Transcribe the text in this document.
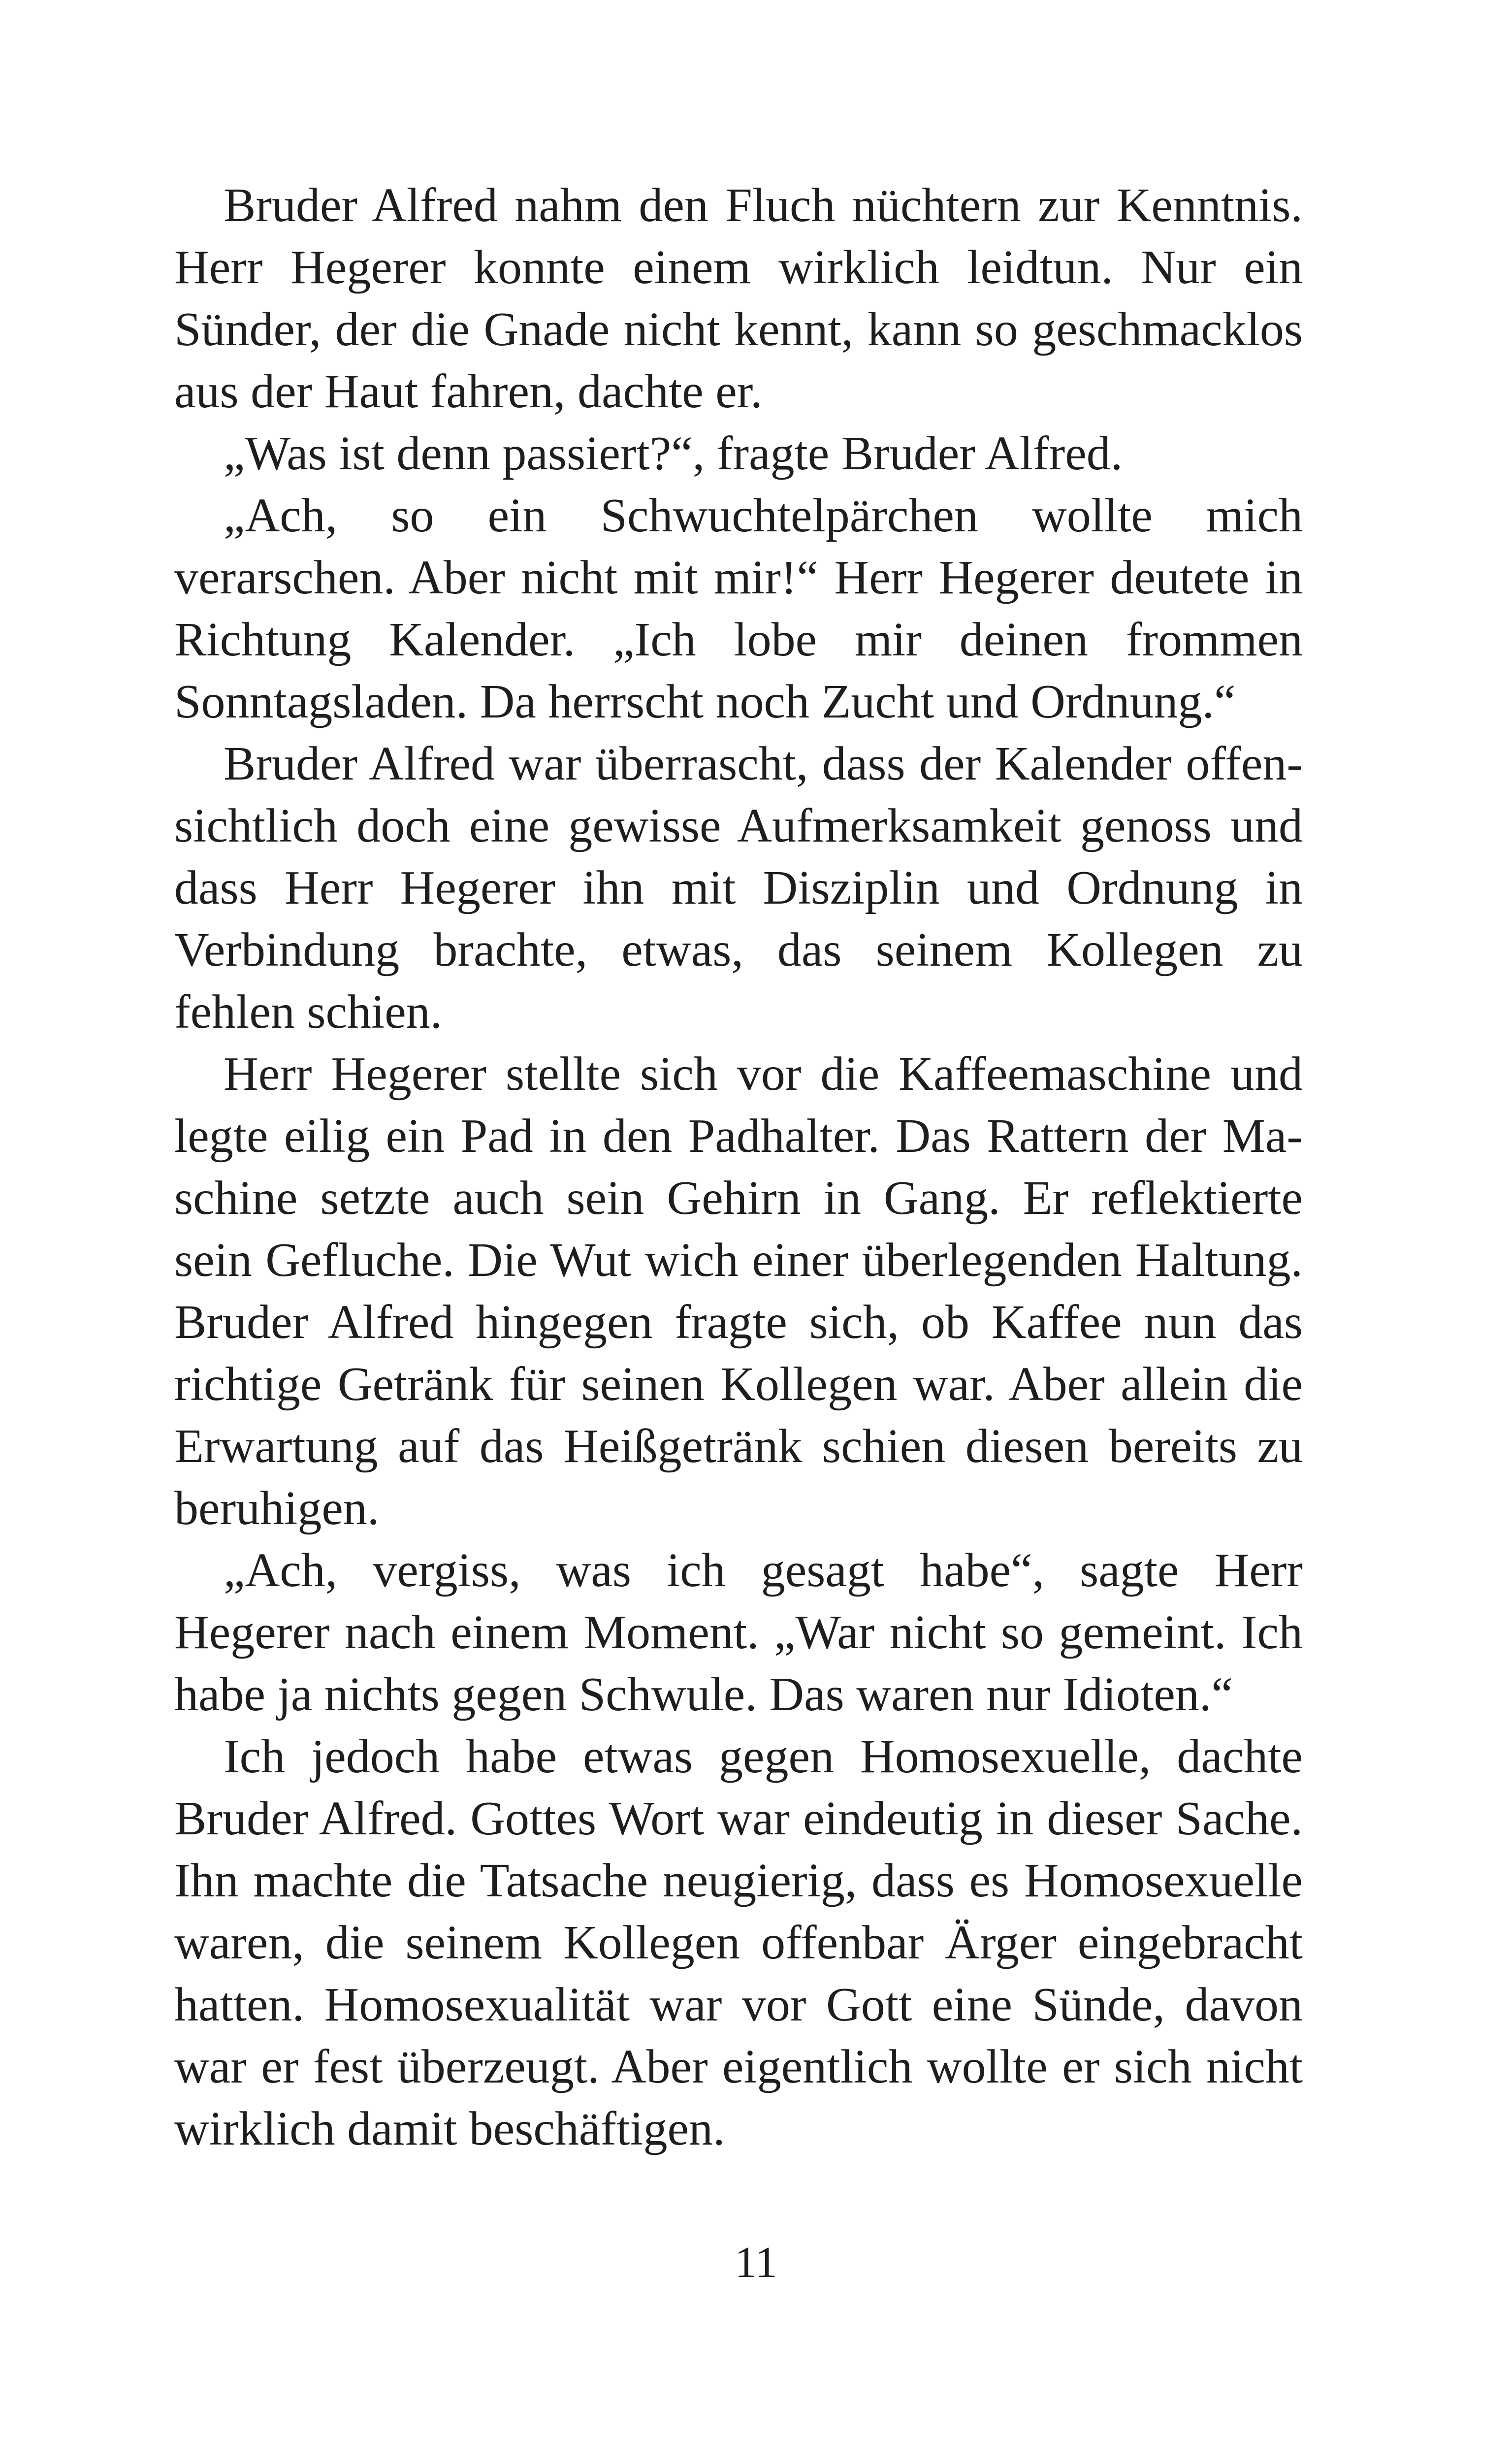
Bruder Alfred nahm den Fluch nüchtern zur Kenntnis. Herr Hegerer konnte einem wirklich leidtun. Nur ein Sünder, der die Gnade nicht kennt, kann so geschmacklos aus der Haut fahren, dachte er.

„Was ist denn passiert?“, fragte Bruder Alfred.

„Ach, so ein Schwuchtelpärchen wollte mich verarschen. Aber nicht mit mir!“ Herr Hegerer deutete in Richtung Kalender. „Ich lobe mir deinen frommen Sonntagsladen. Da herrscht noch Zucht und Ordnung.“

Bruder Alfred war überrascht, dass der Kalender offensichtlich doch eine gewisse Aufmerksamkeit genoss und dass Herr Hegerer ihn mit Disziplin und Ordnung in Verbindung brachte, etwas, das seinem Kollegen zu fehlen schien.

Herr Hegerer stellte sich vor die Kaffeemaschine und legte eilig ein Pad in den Padhalter. Das Rattern der Maschine setzte auch sein Gehirn in Gang. Er reflektierte sein Gefluche. Die Wut wich einer überlegenden Haltung. Bruder Alfred hingegen fragte sich, ob Kaffee nun das richtige Getränk für seinen Kollegen war. Aber allein die Erwartung auf das Heißgetränk schien diesen bereits zu beruhigen.

„Ach, vergiss, was ich gesagt habe“, sagte Herr Hegerer nach einem Moment. „War nicht so gemeint. Ich habe ja nichts gegen Schwule. Das waren nur Idioten.“

Ich jedoch habe etwas gegen Homosexuelle, dachte Bruder Alfred. Gottes Wort war eindeutig in dieser Sache. Ihn machte die Tatsache neugierig, dass es Homosexuelle waren, die seinem Kollegen offenbar Ärger eingebracht hatten. Homosexualität war vor Gott eine Sünde, davon war er fest überzeugt. Aber eigentlich wollte er sich nicht wirklich damit beschäftigen.

11
